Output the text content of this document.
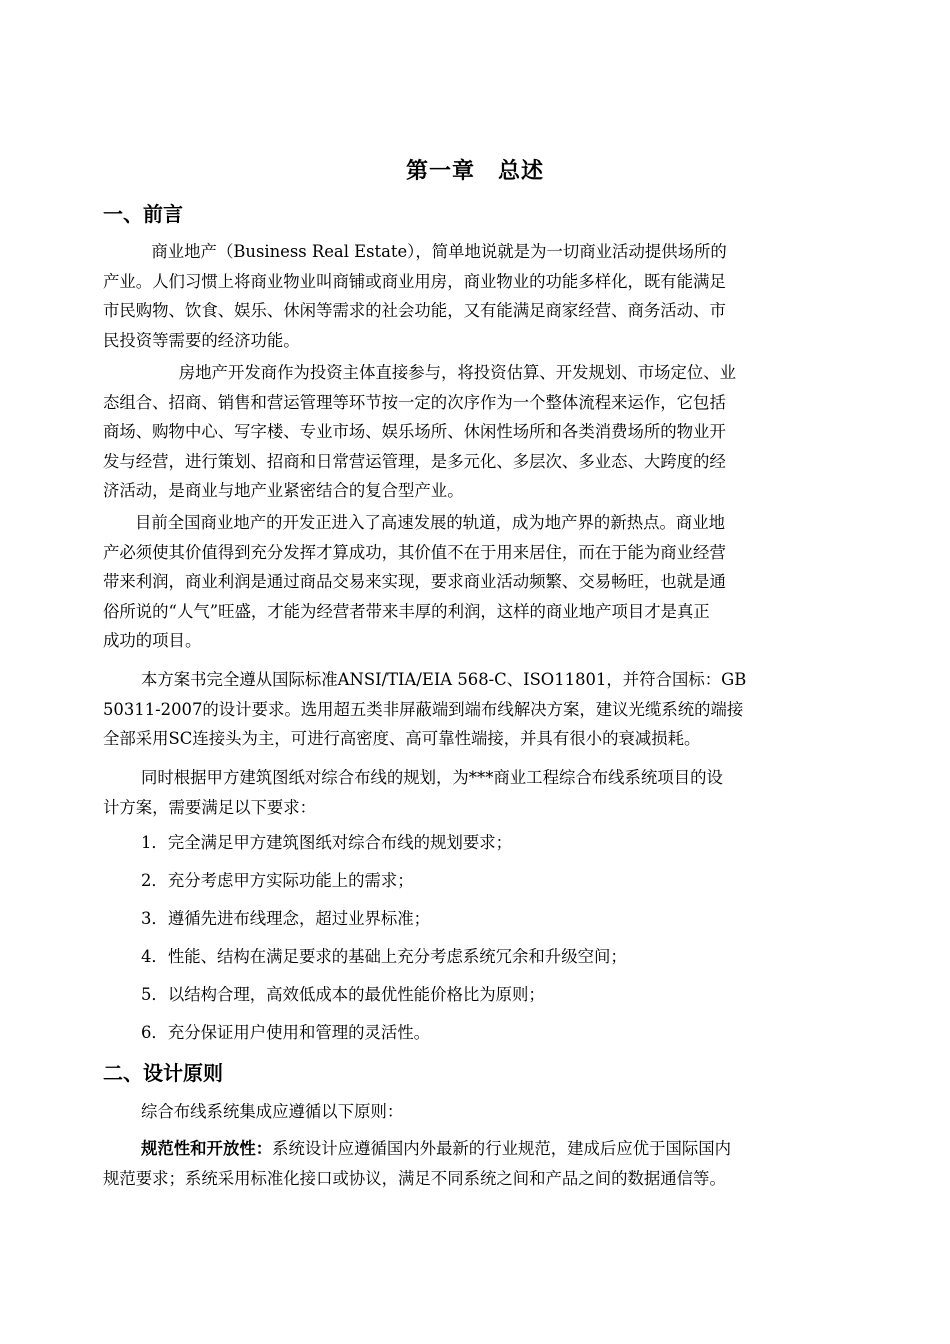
第一章　总述
一、前言

　商业地产（Business Real Estate），简单地说就是为一切商业活动提供场所的
产业。人们习惯上将商业物业叫商铺或商业用房，商业物业的功能多样化，既有能满足
市民购物、饮食、娱乐、休闲等需求的社会功能，又有能满足商家经营、商务活动、市
民投资等需要的经济功能。

　　房地产开发商作为投资主体直接参与，将投资估算、开发规划、市场定位、业
态组合、招商、销售和营运管理等环节按一定的次序作为一个整体流程来运作，它包括
商场、购物中心、写字楼、专业市场、娱乐场所、休闲性场所和各类消费场所的物业开
发与经营，进行策划、招商和日常营运管理，是多元化、多层次、多业态、大跨度的经
济活动，是商业与地产业紧密结合的复合型产业。

目前全国商业地产的开发正进入了高速发展的轨道，成为地产界的新热点。商业地
产必须使其价值得到充分发挥才算成功，其价值不在于用来居住，而在于能为商业经营
带来利润，商业利润是通过商品交易来实现，要求商业活动频繁、交易畅旺，也就是通
俗所说的“人气”旺盛，才能为经营者带来丰厚的利润，这样的商业地产项目才是真正
成功的项目。

本方案书完全遵从国际标准ANSI/TIA/EIA 568-C、ISO11801，并符合国标：GB
50311-2007的设计要求。选用超五类非屏蔽端到端布线解决方案，建议光缆系统的端接
全部采用SC连接头为主，可进行高密度、高可靠性端接，并具有很小的衰减损耗。

同时根据甲方建筑图纸对综合布线的规划，为***商业工程综合布线系统项目的设
计方案，需要满足以下要求：

1．完全满足甲方建筑图纸对综合布线的规划要求；
2．充分考虑甲方实际功能上的需求；
3．遵循先进布线理念，超过业界标准；
4．性能、结构在满足要求的基础上充分考虑系统冗余和升级空间；
5．以结构合理，高效低成本的最优性能价格比为原则；
6．充分保证用户使用和管理的灵活性。
二、设计原则

综合布线系统集成应遵循以下原则：

规范性和开放性：系统设计应遵循国内外最新的行业规范，建成后应优于国际国内
规范要求；系统采用标准化接口或协议，满足不同系统之间和产品之间的数据通信等。
